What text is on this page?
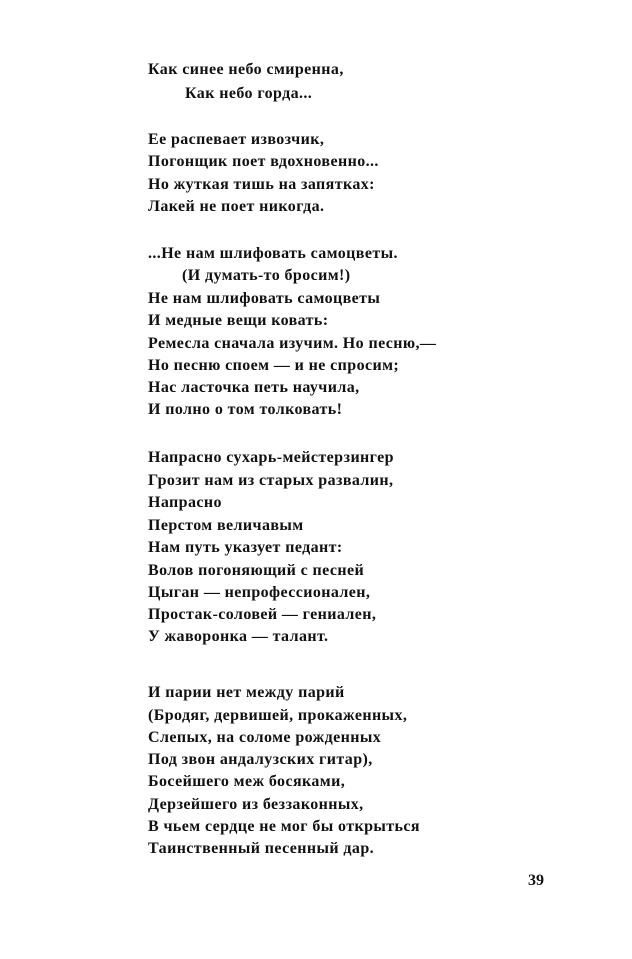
Как синее небо смиренна,
Как небо горда...
Ее распевает извозчик,
Погонщик поет вдохновенно...
Но жуткая тишь на запятках:
Лакей не поет никогда.
...Не нам шлифовать самоцветы.
(И думать-то бросим!)
Не нам шлифовать самоцветы
И медные вещи ковать:
Ремесла сначала изучим. Но песню,—
Но песню споем — и не спросим;
Нас ласточка петь научила,
И полно о том толковать!
Напрасно сухарь-мейстерзингер
Грозит нам из старых развалин,
Напрасно
Перстом величавым
Нам путь указует педант:
Волов погоняющий с песней
Цыган — непрофессионален,
Простак-соловей — гениален,
У жаворонка — талант.
И парии нет между парий
(Бродяг, дервишей, прокаженных,
Слепых, на соломе рожденных
Под звон андалузских гитар),
Босейшего меж босяками,
Дерзейшего из беззаконных,
В чьем сердце не мог бы открыться
Таинственный песенный дар.
39
